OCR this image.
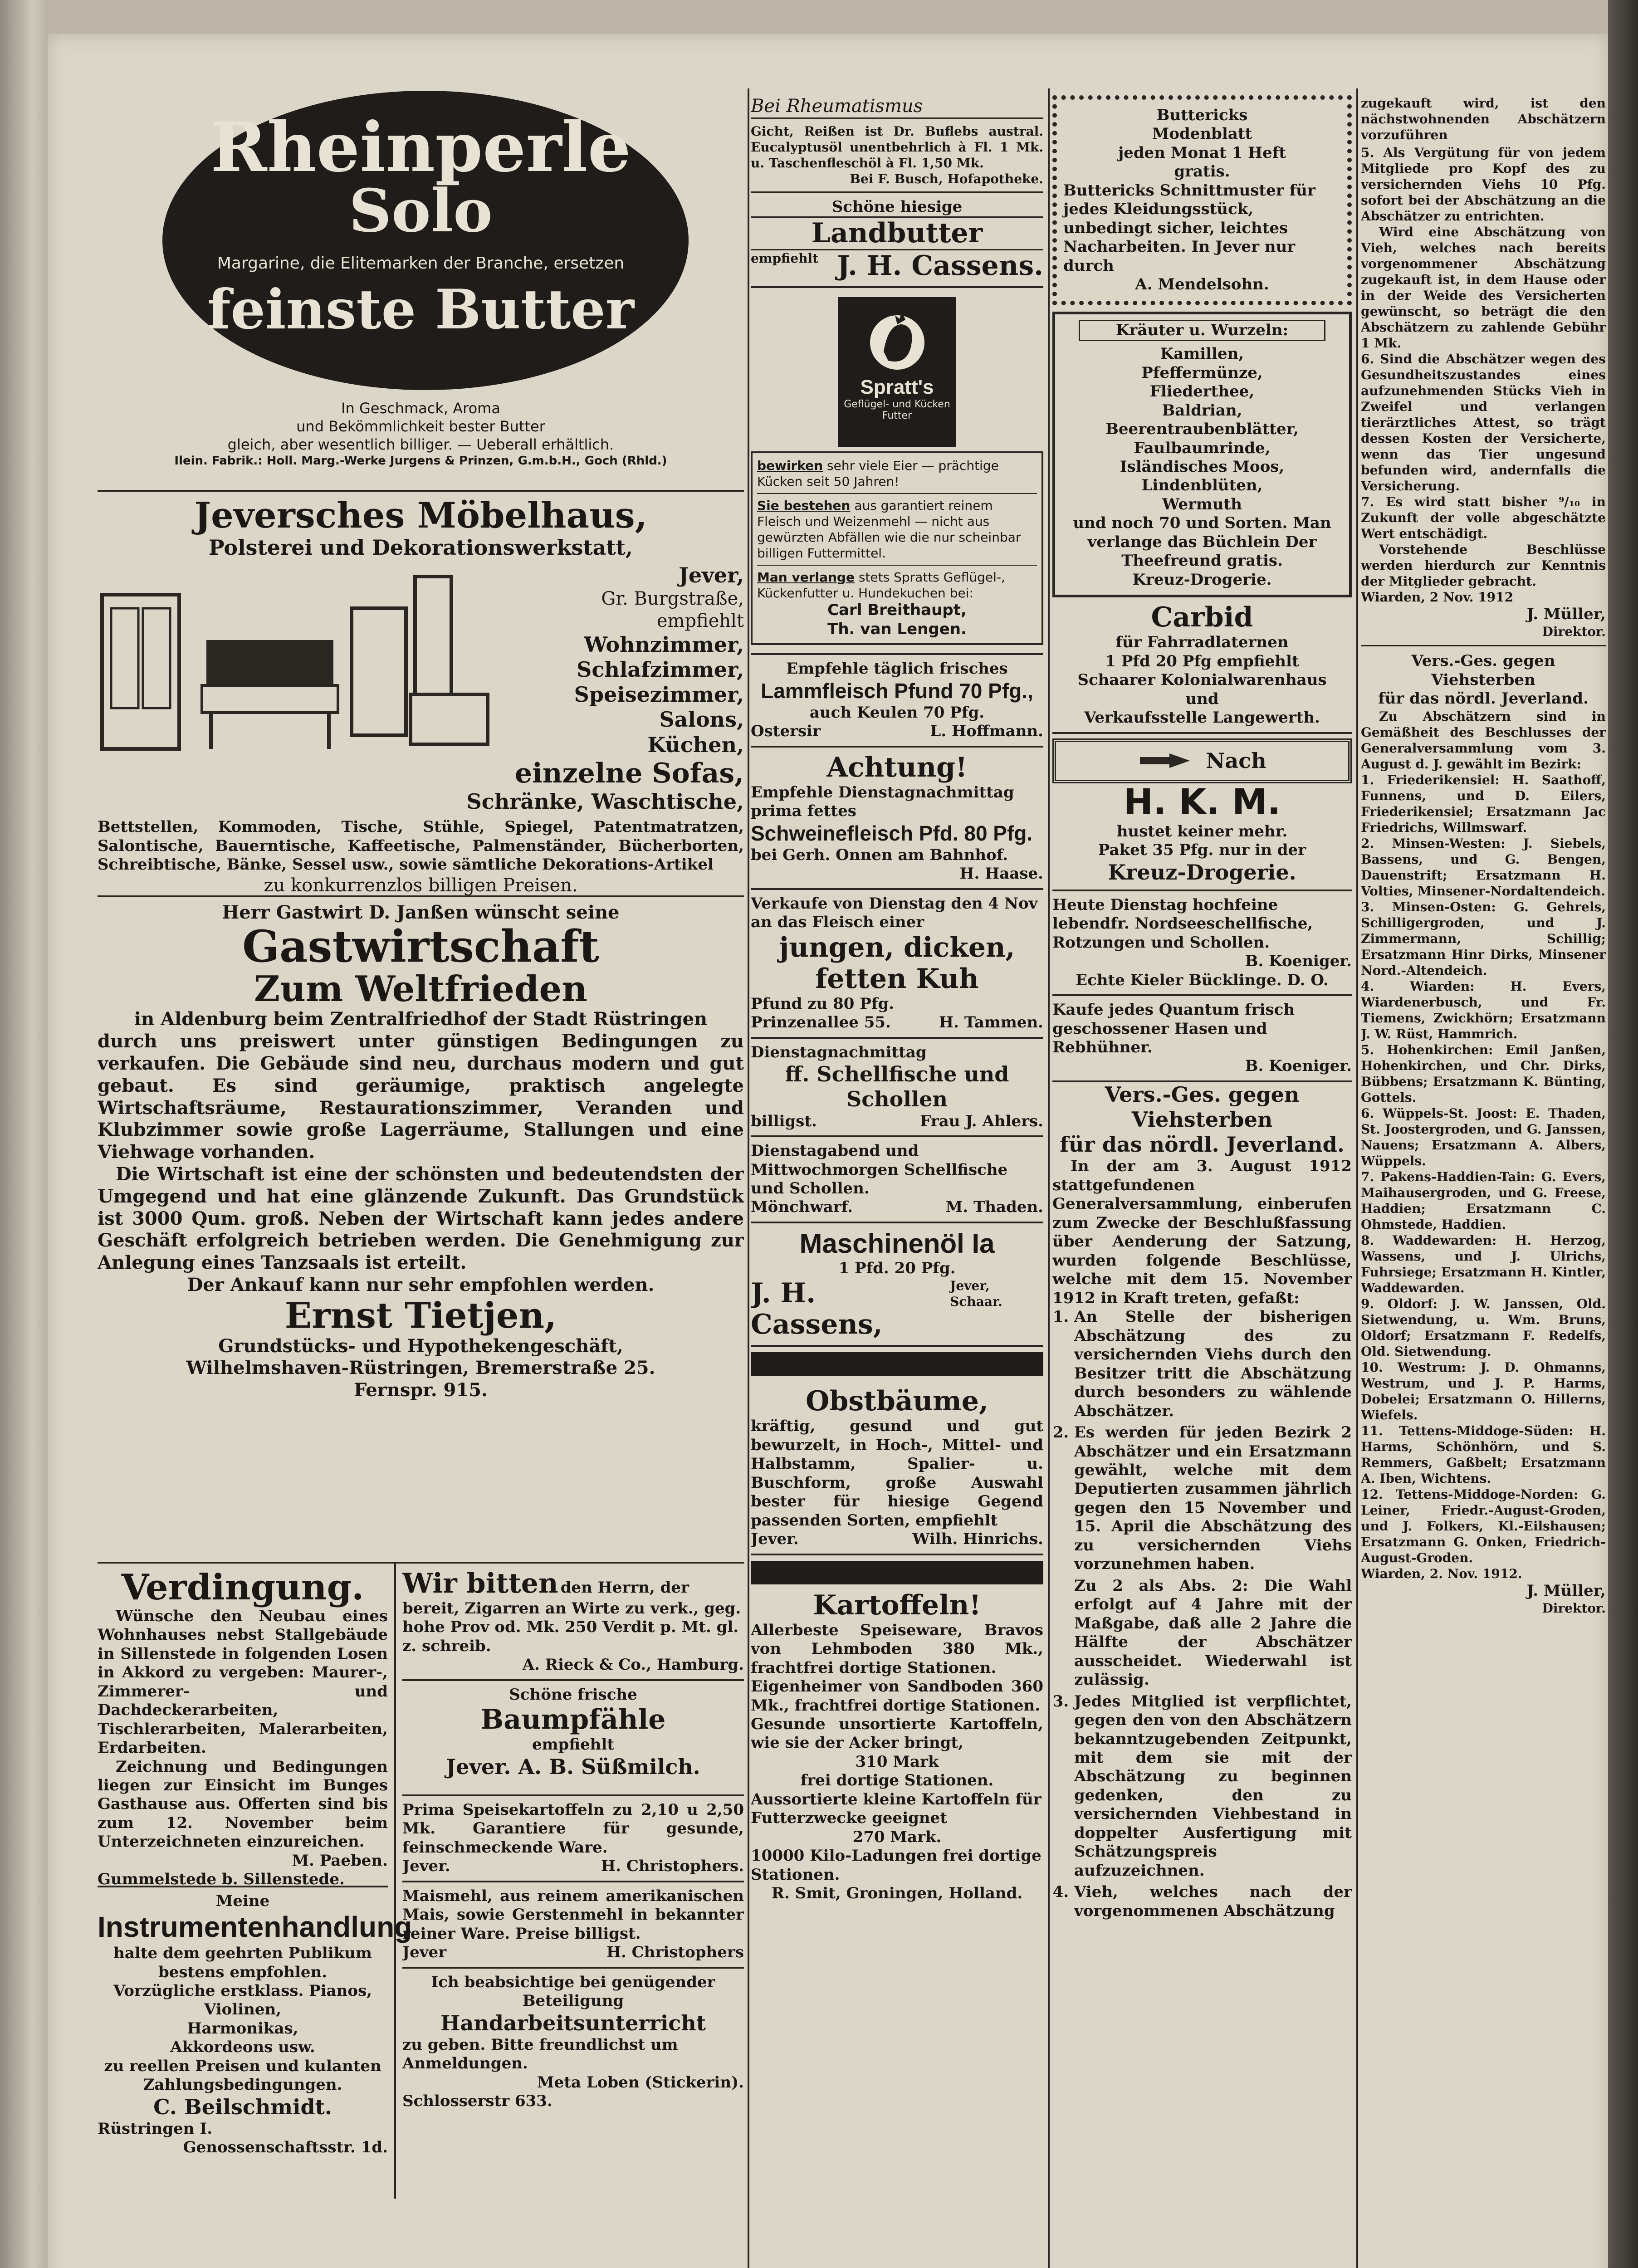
Rheinperle
Solo
Margarine, die Elitemarken der Branche, ersetzen
feinste Butter
In Geschmack, Aroma
und Bekömmlichkeit bester Butter
gleich, aber wesentlich billiger. — Ueberall erhältlich.
Ilein. Fabrik.: Holl. Marg.-Werke Jurgens & Prinzen, G.m.b.H., Goch (Rhld.)
Jeversches Möbelhaus,
Polsterei und Dekorationswerkstatt,
Jever,
Gr. Burgstraße,
empfiehlt
Wohnzimmer,
Schlafzimmer,
Speisezimmer,
Salons,
Küchen,
einzelne Sofas,
Schränke, Waschtische,
Bettstellen, Kommoden, Tische, Stühle, Spiegel, Patentmatratzen, Salontische, Bauerntische, Kaffeetische, Palmenständer, Bücherborten, Schreibtische, Bänke, Sessel usw., sowie sämtliche Dekorations-Artikel
zu konkurrenzlos billigen Preisen.
Herr Gastwirt D. Janßen wünscht seine
Gastwirtschaft
Zum Weltfrieden
in Aldenburg beim Zentralfriedhof der Stadt Rüstringen
durch uns preiswert unter günstigen Bedingungen zu verkaufen. Die Gebäude sind neu, durchaus modern und gut gebaut. Es sind geräumige, praktisch angelegte Wirtschaftsräume, Restaurationszimmer, Veranden und Klubzimmer sowie große Lagerräume, Stallungen und eine Viehwage vorhanden.
Die Wirtschaft ist eine der schönsten und bedeutendsten der Umgegend und hat eine glänzende Zukunft. Das Grundstück ist 3000 Qum. groß. Neben der Wirtschaft kann jedes andere Geschäft erfolgreich betrieben werden. Die Genehmigung zur Anlegung eines Tanzsaals ist erteilt.
Der Ankauf kann nur sehr empfohlen werden.
Ernst Tietjen,
Grundstücks- und Hypothekengeschäft,
Wilhelmshaven-Rüstringen, Bremerstraße 25.
Fernspr. 915.
Verdingung.
Wünsche den Neubau eines Wohnhauses nebst Stallgebäude in Sillenstede in folgenden Losen in Akkord zu vergeben: Maurer-, Zimmerer- und Dachdeckerarbeiten, Tischlerarbeiten, Malerarbeiten, Erdarbeiten.
Zeichnung und Bedingungen liegen zur Einsicht im Bunges Gasthause aus. Offerten sind bis zum 12. November beim Unterzeichneten einzureichen.
M. Paeben.
Gummelstede b. Sillenstede.
Meine
Instrumentenhandlung
halte dem geehrten Publikum bestens empfohlen.
Vorzügliche erstklass. Pianos,
Violinen,
Harmonikas,
Akkordeons usw.
zu reellen Preisen und kulanten Zahlungsbedingungen.
C. Beilschmidt.
Rüstringen I.
Genossenschaftsstr. 1d.
Wir bitten den Herrn, der bereit, Zigarren an Wirte zu verk., geg. hohe Prov od. Mk. 250 Verdit p. Mt. gl. z. schreib.
A. Rieck & Co., Hamburg.
Schöne frische
Baumpfähle
empfiehlt
Jever. A. B. Süßmilch.
Prima Speisekartoffeln zu 2,10 u 2,50 Mk. Garantiere für gesunde, feinschmeckende Ware.
Jever.	H. Christophers.
Maismehl, aus reinem amerikanischen Mais, sowie Gerstenmehl in bekannter reiner Ware. Preise billigst.
Jever	H. Christophers
Ich beabsichtige bei genügender Beteiligung
Handarbeitsunterricht
zu geben. Bitte freundlichst um Anmeldungen.
Meta Loben (Stickerin).
Schlosserstr 633.
Bei Rheumatismus
Gicht, Reißen ist Dr. Buflebs austral. Eucalyptusöl unentbehrlich à Fl. 1 Mk. u. Taschenfleschöl à Fl. 1,50 Mk.
Bei F. Busch, Hofapotheke.
Schöne hiesige
Landbutter
empfiehlt J. H. Cassens.
Spratt's
Geflügel- und Kücken Futter
bewirken sehr viele Eier — prächtige Kücken seit 50 Jahren!
Sie bestehen aus garantiert reinem Fleisch und Weizenmehl — nicht aus gewürzten Abfällen wie die nur scheinbar billigen Futtermittel.
Man verlange stets Spratts Geflügel-, Kückenfutter u. Hundekuchen bei:
Carl Breithaupt,
Th. van Lengen.
Empfehle täglich frisches
Lammfleisch Pfund 70 Pfg.,
auch Keulen 70 Pfg.
Ostersir	L. Hoffmann.
Achtung!
Empfehle Dienstagnachmittag prima fettes
Schweinefleisch Pfd. 80 Pfg.
bei Gerh. Onnen am Bahnhof.
H. Haase.
Verkaufe von Dienstag den 4 Nov an das Fleisch einer
jungen, dicken, fetten Kuh
Pfund zu 80 Pfg.
Prinzenallee 55.	H. Tammen.
Dienstagnachmittag
ff. Schellfische und Schollen
billigst.	Frau J. Ahlers.
Dienstagabend und Mittwochmorgen Schellfische und Schollen.
Mönchwarf.	M. Thaden.
Maschinenöl Ia
1 Pfd. 20 Pfg.
J. H. Cassens,
Jever, Schaar.
Obstbäume,
kräftig, gesund und gut bewurzelt, in Hoch-, Mittel- und Halbstamm, Spalier- u. Buschform, große Auswahl bester für hiesige Gegend passenden Sorten, empfiehlt
Jever.	Wilh. Hinrichs.
Kartoffeln!
Allerbeste Speiseware, Bravos von Lehmboden 380 Mk., frachtfrei dortige Stationen.
Eigenheimer von Sandboden 360 Mk., frachtfrei dortige Stationen.
Gesunde unsortierte Kartoffeln, wie sie der Acker bringt,
310 Mark
frei dortige Stationen.
Aussortierte kleine Kartoffeln für Futterzwecke geeignet
270 Mark.
10000 Kilo-Ladungen frei dortige Stationen.
R. Smit, Groningen, Holland.
Buttericks
Modenblatt
jeden Monat 1 Heft
gratis.
Buttericks Schnittmuster für jedes Kleidungsstück, unbedingt sicher, leichtes Nacharbeiten. In Jever nur durch
A. Mendelsohn.
Kräuter u. Wurzeln:
Kamillen,
Pfeffermünze,
Fliederthee,
Baldrian,
Beerentraubenblätter,
Faulbaumrinde,
Isländisches Moos,
Lindenblüten,
Wermuth
und noch 70 und Sorten. Man verlange das Büchlein Der Theefreund gratis.
Kreuz-Drogerie.
Carbid
für Fahrradlaternen
1 Pfd 20 Pfg empfiehlt
Schaarer Kolonialwarenhaus
und
Verkaufsstelle Langewerth.
Nach
H. K. M.
hustet keiner mehr.
Paket 35 Pfg. nur in der
Kreuz-Drogerie.
Heute Dienstag hochfeine lebendfr. Nordseeschellfische, Rotzungen und Schollen.
B. Koeniger.
Echte Kieler Bücklinge. D. O.
Kaufe jedes Quantum frisch geschossener Hasen und Rebhühner.
B. Koeniger.
Vers.-Ges. gegen Viehsterben
für das nördl. Jeverland.
In der am 3. August 1912 stattgefundenen Generalversammlung, einberufen zum Zwecke der Beschlußfassung über Aenderung der Satzung, wurden folgende Beschlüsse, welche mit dem 15. November 1912 in Kraft treten, gefaßt:
1. An Stelle der bisherigen Abschätzung des zu versichernden Viehs durch den Besitzer tritt die Abschätzung durch besonders zu wählende Abschätzer.
2. Es werden für jeden Bezirk 2 Abschätzer und ein Ersatzmann gewählt, welche mit dem Deputierten zusammen jährlich gegen den 15 November und 15. April die Abschätzung des zu versichernden Viehs vorzunehmen haben.
Zu 2 als Abs. 2: Die Wahl erfolgt auf 4 Jahre mit der Maßgabe, daß alle 2 Jahre die Hälfte der Abschätzer ausscheidet. Wiederwahl ist zulässig.
3. Jedes Mitglied ist verpflichtet, gegen den von den Abschätzern bekanntzugebenden Zeitpunkt, mit dem sie mit der Abschätzung zu beginnen gedenken, den zu versichernden Viehbestand in doppelter Ausfertigung mit Schätzungspreis aufzuzeichnen.
4. Vieh, welches nach der vorgenommenen Abschätzung
zugekauft wird, ist den nächstwohnenden Abschätzern vorzuführen
5. Als Vergütung für von jedem Mitgliede pro Kopf des zu versichernden Viehs 10 Pfg. sofort bei der Abschätzung an die Abschätzer zu entrichten.
Wird eine Abschätzung von Vieh, welches nach bereits vorgenommener Abschätzung zugekauft ist, in dem Hause oder in der Weide des Versicherten gewünscht, so beträgt die den Abschätzern zu zahlende Gebühr 1 Mk.
6. Sind die Abschätzer wegen des Gesundheitszustandes eines aufzunehmenden Stücks Vieh in Zweifel und verlangen tierärztliches Attest, so trägt dessen Kosten der Versicherte, wenn das Tier ungesund befunden wird, andernfalls die Versicherung.
7. Es wird statt bisher ⁹/₁₀ in Zukunft der volle abgeschätzte Wert entschädigt.
Vorstehende Beschlüsse werden hierdurch zur Kenntnis der Mitglieder gebracht.
Wiarden, 2 Nov. 1912
J. Müller,
Direktor.
Vers.-Ges. gegen Viehsterben
für das nördl. Jeverland.
Zu Abschätzern sind in Gemäßheit des Beschlusses der Generalversammlung vom 3. August d. J. gewählt im Bezirk:
1. Friederikensiel: H. Saathoff, Funnens, und D. Eilers, Friederikensiel; Ersatzmann Jac Friedrichs, Willmswarf.
2. Minsen-Westen: J. Siebels, Bassens, und G. Bengen, Dauenstrift; Ersatzmann H. Volties, Minsener-Nordaltendeich.
3. Minsen-Osten: G. Gehrels, Schilligergroden, und J. Zimmermann, Schillig; Ersatzmann Hinr Dirks, Minsener Nord.-Altendeich.
4.	Wiarden: H. Evers, Wiardenerbusch, und Fr. Tiemens, Zwickhörn; Ersatzmann J. W. Rüst, Hammrich.
5. Hohenkirchen: Emil Janßen, Hohenkirchen, und Chr. Dirks, Bübbens; Ersatzmann K. Bünting, Gottels.
6. Wüppels-St. Joost: E. Thaden, St. Joostergroden, und G. Janssen, Nauens; Ersatzmann A. Albers, Wüppels.
7. Pakens-Haddien-Tain: G. Evers, Maihausergroden, und G. Freese, Haddien; Ersatzmann C. Ohmstede, Haddien.
8. Waddewarden: H. Herzog, Wassens, und J. Ulrichs, Fuhrsiege; Ersatzmann H. Kintler, Waddewarden.
9. Oldorf: J. W. Janssen, Old. Sietwendung, u. Wm. Bruns, Oldorf; Ersatzmann F. Redelfs, Old. Sietwendung.
10. Westrum: J. D. Ohmanns, Westrum, und J. P. Harms, Dobelei; Ersatzmann O. Hillerns, Wiefels.
11. Tettens-Middoge-Süden: H. Harms, Schönhörn, und S. Remmers, Gaßbelt; Ersatzmann A. Iben, Wichtens.
12. Tettens-Middoge-Norden: G. Leiner, Friedr.-August-Groden, und J. Folkers, Kl.-Eilshausen; Ersatzmann G. Onken, Friedrich-August-Groden.
Wiarden, 2. Nov. 1912.
J. Müller,
Direktor.
